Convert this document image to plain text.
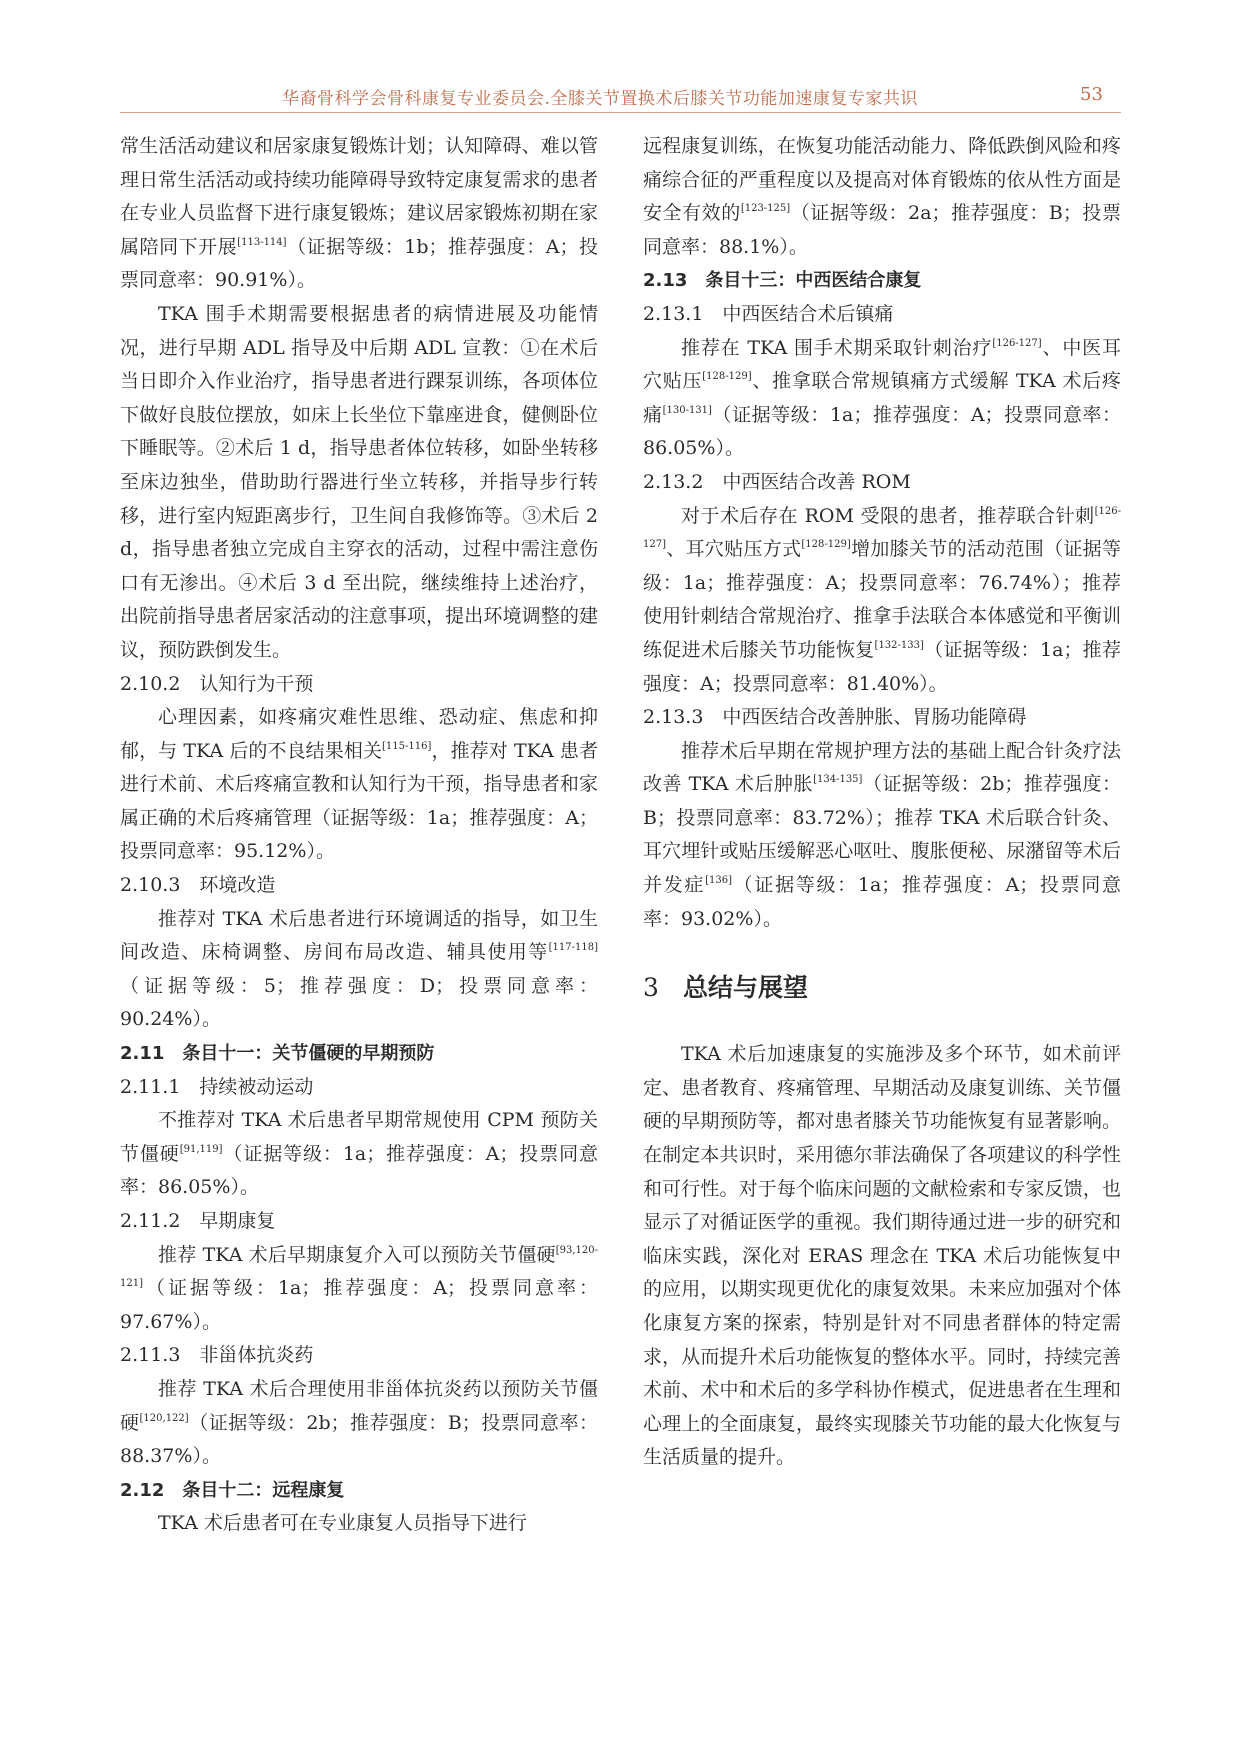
华裔骨科学会骨科康复专业委员会.全膝关节置换术后膝关节功能加速康复专家共识	53

常生活活动建议和居家康复锻炼计划；认知障碍、难以管理日常生活活动或持续功能障碍导致特定康复需求的患者在专业人员监督下进行康复锻炼；建议居家锻炼初期在家属陪同下开展[113-114]（证据等级：1b；推荐强度：A；投票同意率：90.91%）。

TKA 围手术期需要根据患者的病情进展及功能情况，进行早期 ADL 指导及中后期 ADL 宣教：①在术后当日即介入作业治疗，指导患者进行踝泵训练，各项体位下做好良肢位摆放，如床上长坐位下靠座进食，健侧卧位下睡眠等。②术后 1 d，指导患者体位转移，如卧坐转移至床边独坐，借助助行器进行坐立转移，并指导步行转移，进行室内短距离步行，卫生间自我修饰等。③术后 2 d，指导患者独立完成自主穿衣的活动，过程中需注意伤口有无渗出。④术后 3 d 至出院，继续维持上述治疗，出院前指导患者居家活动的注意事项，提出环境调整的建议，预防跌倒发生。

2.10.2　认知行为干预

心理因素，如疼痛灾难性思维、恐动症、焦虑和抑郁，与 TKA 后的不良结果相关[115-116]，推荐对 TKA 患者进行术前、术后疼痛宣教和认知行为干预，指导患者和家属正确的术后疼痛管理（证据等级：1a；推荐强度：A；投票同意率：95.12%）。

2.10.3　环境改造

推荐对 TKA 术后患者进行环境调适的指导，如卫生间改造、床椅调整、房间布局改造、辅具使用等[117-118]（证据等级：5；推荐强度：D；投票同意率：90.24%）。

2.11　条目十一：关节僵硬的早期预防

2.11.1　持续被动运动

不推荐对 TKA 术后患者早期常规使用 CPM 预防关节僵硬[91,119]（证据等级：1a；推荐强度：A；投票同意率：86.05%）。

2.11.2　早期康复

推荐 TKA 术后早期康复介入可以预防关节僵硬[93,120-121]（证据等级：1a；推荐强度：A；投票同意率：97.67%）。

2.11.3　非甾体抗炎药

推荐 TKA 术后合理使用非甾体抗炎药以预防关节僵硬[120,122]（证据等级：2b；推荐强度：B；投票同意率：88.37%）。

2.12　条目十二：远程康复

TKA 术后患者可在专业康复人员指导下进行

远程康复训练，在恢复功能活动能力、降低跌倒风险和疼痛综合征的严重程度以及提高对体育锻炼的依从性方面是安全有效的[123-125]（证据等级：2a；推荐强度：B；投票同意率：88.1%）。

2.13　条目十三：中西医结合康复

2.13.1　中西医结合术后镇痛

推荐在 TKA 围手术期采取针刺治疗[126-127]、中医耳穴贴压[128-129]、推拿联合常规镇痛方式缓解 TKA 术后疼痛[130-131]（证据等级：1a；推荐强度：A；投票同意率：86.05%）。

2.13.2　中西医结合改善 ROM

对于术后存在 ROM 受限的患者，推荐联合针刺[126-127]、耳穴贴压方式[128-129]增加膝关节的活动范围（证据等级：1a；推荐强度：A；投票同意率：76.74%）；推荐使用针刺结合常规治疗、推拿手法联合本体感觉和平衡训练促进术后膝关节功能恢复[132-133]（证据等级：1a；推荐强度：A；投票同意率：81.40%）。

2.13.3　中西医结合改善肿胀、胃肠功能障碍

推荐术后早期在常规护理方法的基础上配合针灸疗法改善 TKA 术后肿胀[134-135]（证据等级：2b；推荐强度：B；投票同意率：83.72%）；推荐 TKA 术后联合针灸、耳穴埋针或贴压缓解恶心呕吐、腹胀便秘、尿潴留等术后并发症[136]（证据等级：1a；推荐强度：A；投票同意率：93.02%）。

3 总结与展望

TKA 术后加速康复的实施涉及多个环节，如术前评定、患者教育、疼痛管理、早期活动及康复训练、关节僵硬的早期预防等，都对患者膝关节功能恢复有显著影响。在制定本共识时，采用德尔菲法确保了各项建议的科学性和可行性。对于每个临床问题的文献检索和专家反馈，也显示了对循证医学的重视。我们期待通过进一步的研究和临床实践，深化对 ERAS 理念在 TKA 术后功能恢复中的应用，以期实现更优化的康复效果。未来应加强对个体化康复方案的探索，特别是针对不同患者群体的特定需求，从而提升术后功能恢复的整体水平。同时，持续完善术前、术中和术后的多学科协作模式，促进患者在生理和心理上的全面康复，最终实现膝关节功能的最大化恢复与生活质量的提升。
